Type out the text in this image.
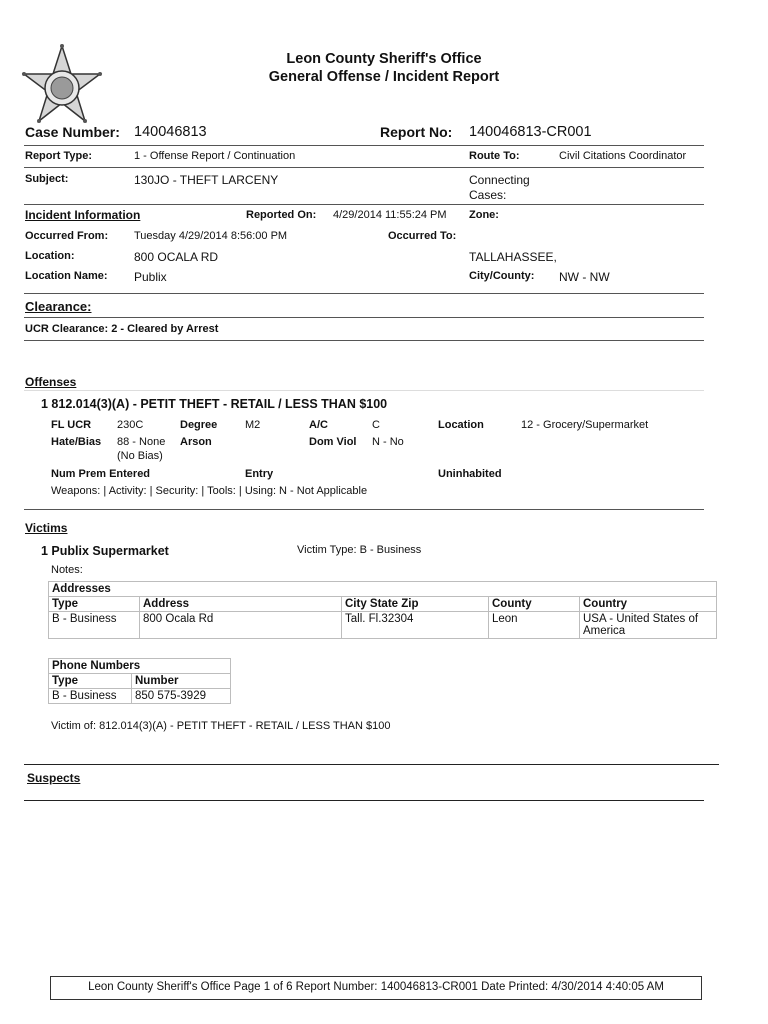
Leon County Sheriff's Office
General Offense / Incident Report
Case Number: 140046813	Report No: 140046813-CR001
Report Type:	1 - Offense Report / Continuation	Route To:	Civil Citations Coordinator
Subject:	130JO - THEFT LARCENY	Connecting
Cases:
Incident Information	Reported On: 4/29/2014 11:55:24 PM Zone:
Occurred From: Tuesday 4/29/2014 8:56:00 PM	Occurred To:
Location:	800 OCALA RD	TALLAHASSEE,
Location Name: Publix	City/County: NW - NW
Clearance:
UCR Clearance: 2 - Cleared by Arrest
Offenses
1 812.014(3)(A) - PETIT THEFT - RETAIL / LESS THAN $100
FL UCR 230C	Degree	M2	A/C	C	Location	12 - Grocery/Supermarket
Hate/Bias 88 - None
(No Bias)
Arson	Dom Viol N - No
Num Prem Entered	Entry	Uninhabited
Weapons: | Activity: | Security: | Tools: | Using: N - Not Applicable
Victims
1 Publix Supermarket	Victim Type: B - Business
Notes:
Addresses				
Type	Address	City State Zip	County	Country
B - Business	800 Ocala Rd	Tall. Fl.32304	Leon	USA - United States of America
Phone Numbers	
Type	Number
B - Business	850 575-3929
Victim of: 812.014(3)(A) - PETIT THEFT - RETAIL / LESS THAN $100
Suspects
Leon County Sheriff's Office Page 1 of 6 Report Number: 140046813-CR001 Date Printed: 4/30/2014 4:40:05 AM
